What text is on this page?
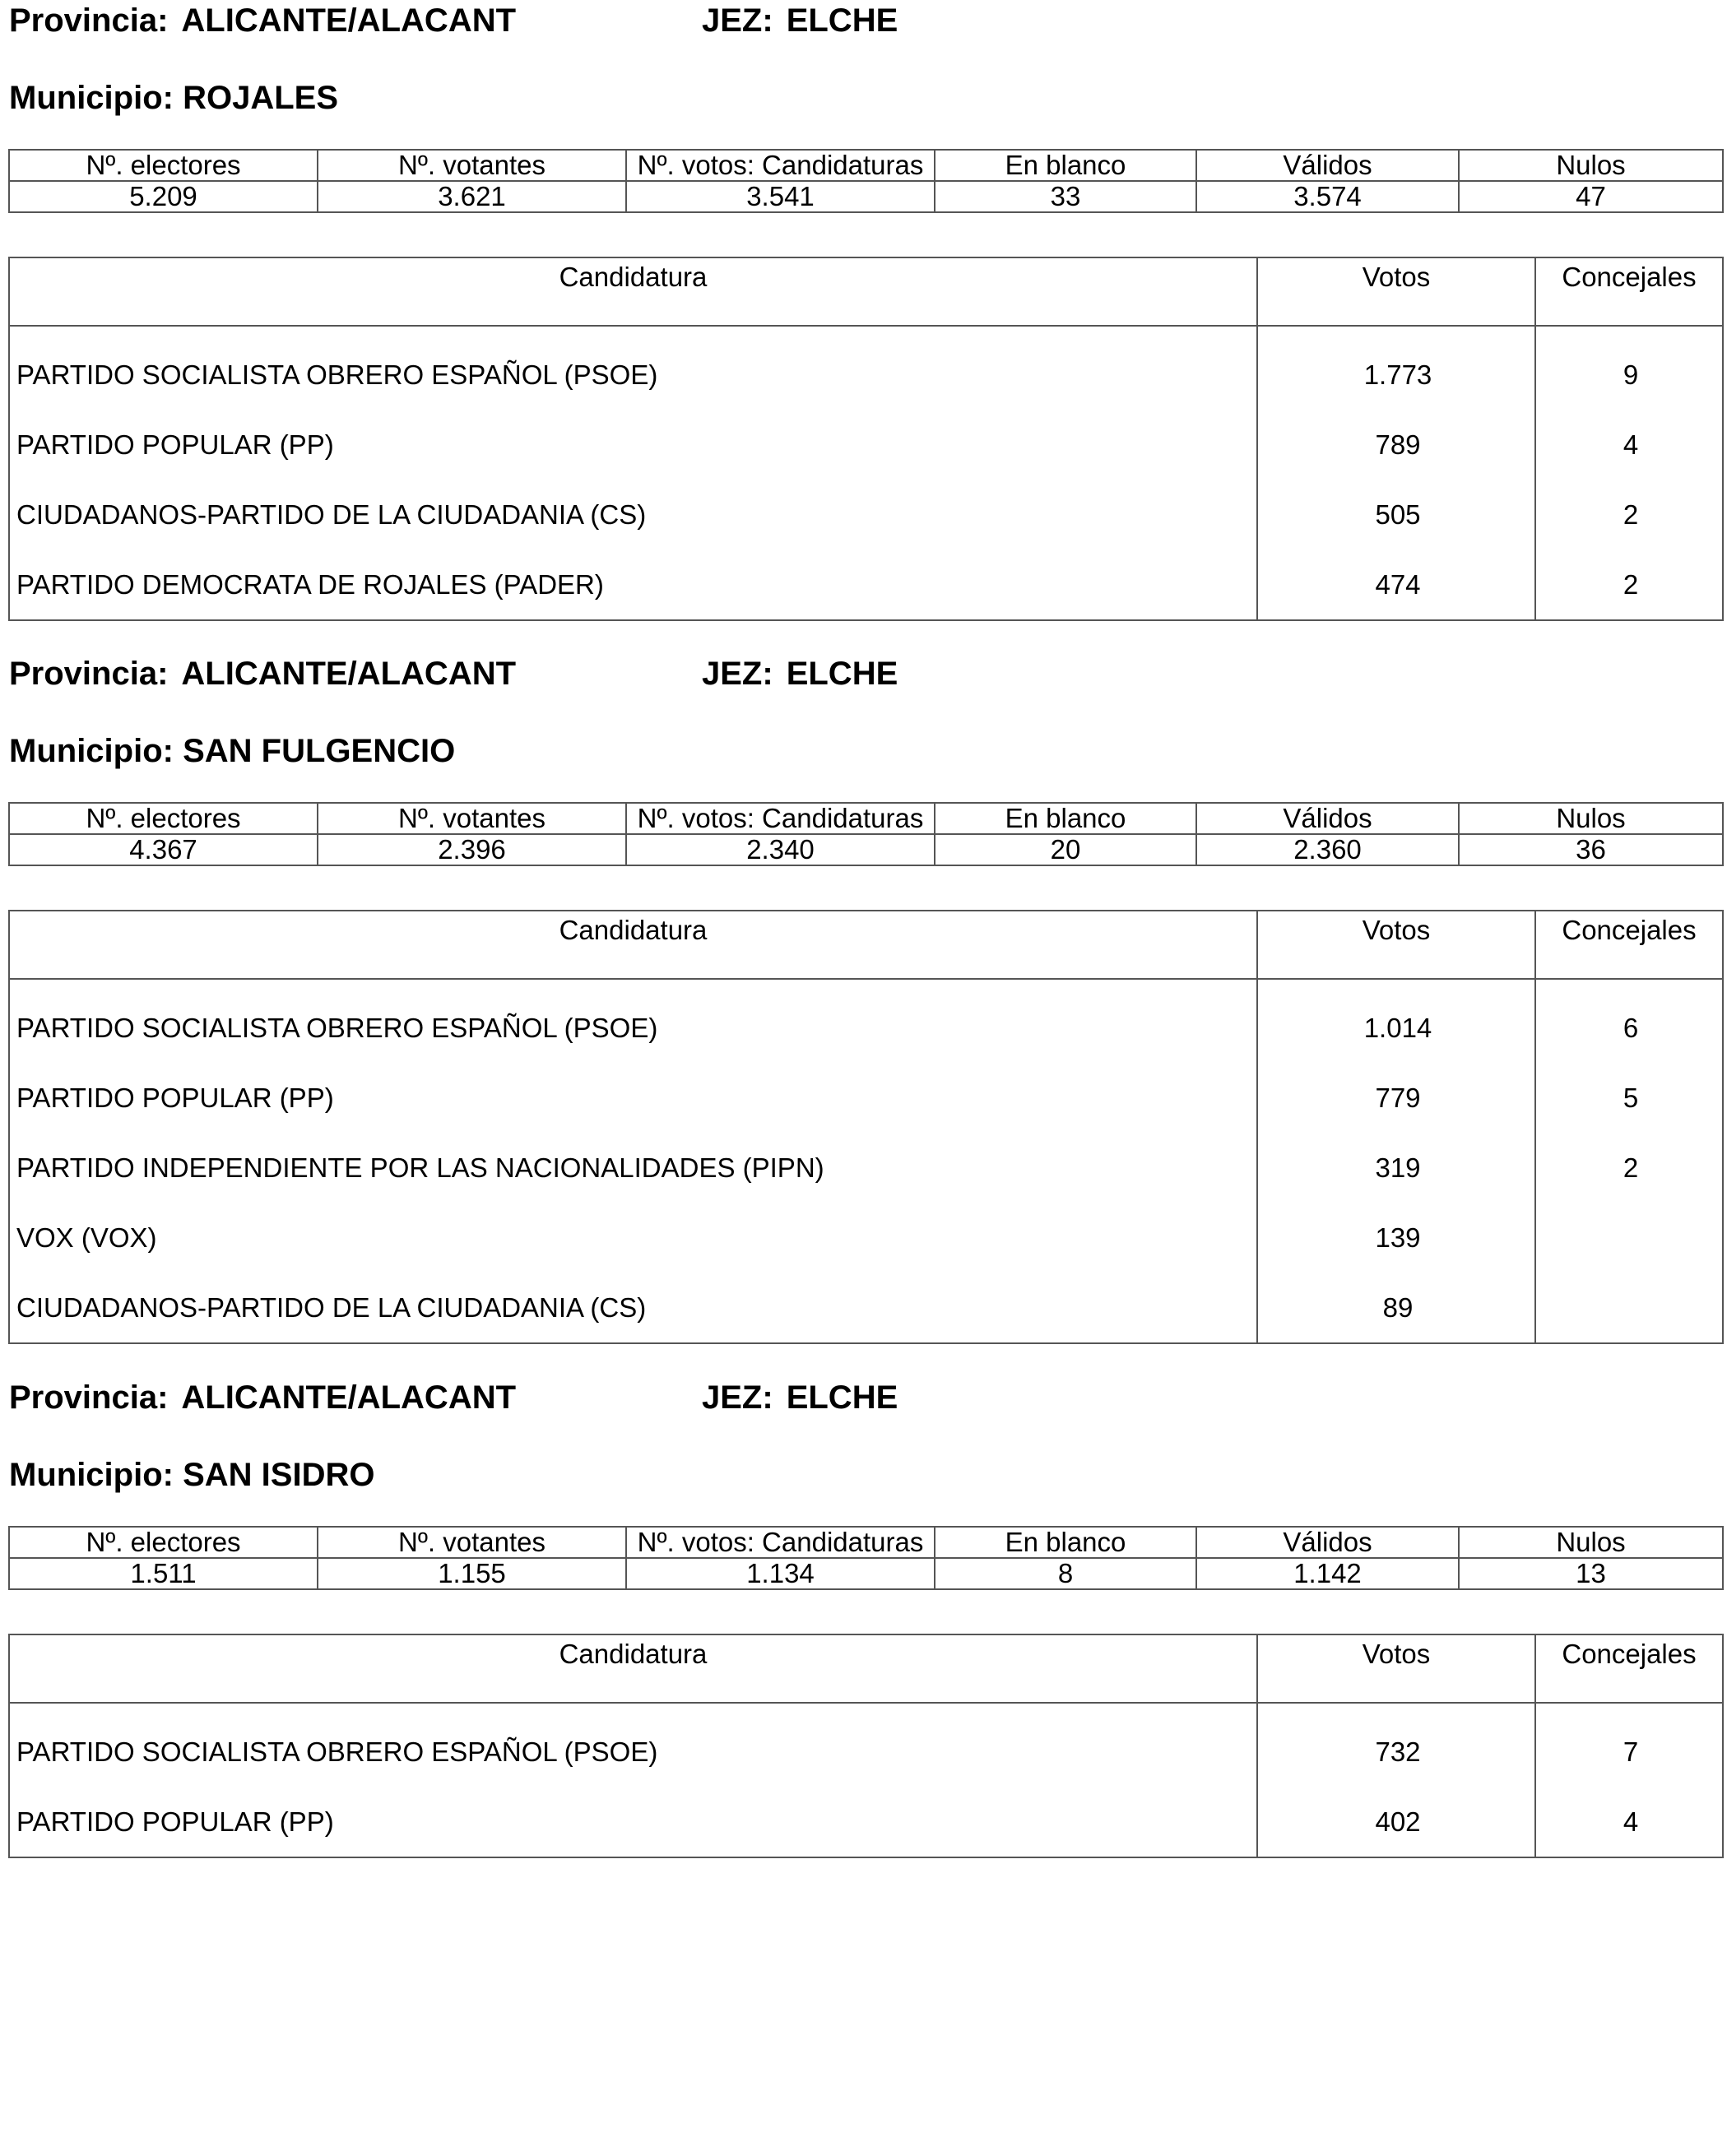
Provincia: ALICANTE/ALACANT	JEZ: ELCHE
Municipio: ROJALES
Nº. electores	Nº. votantes	Nº. votos: Candidaturas	En blanco	Válidos	Nulos
5.209	3.621	3.541	33	3.574	47
Candidatura	Votos	Concejales
PARTIDO SOCIALISTA OBRERO ESPAÑOL (PSOE)	1.773	9
PARTIDO POPULAR (PP)	789	4
CIUDADANOS-PARTIDO DE LA CIUDADANIA (CS)	505	2
PARTIDO DEMOCRATA DE ROJALES (PADER)	474	2
Provincia: ALICANTE/ALACANT	JEZ: ELCHE
Municipio: SAN FULGENCIO
Nº. electores	Nº. votantes	Nº. votos: Candidaturas	En blanco	Válidos	Nulos
4.367	2.396	2.340	20	2.360	36
Candidatura	Votos	Concejales
PARTIDO SOCIALISTA OBRERO ESPAÑOL (PSOE)	1.014	6
PARTIDO POPULAR (PP)	779	5
PARTIDO INDEPENDIENTE POR LAS NACIONALIDADES (PIPN)	319	2
VOX (VOX)	139	
CIUDADANOS-PARTIDO DE LA CIUDADANIA (CS)	89	
Provincia: ALICANTE/ALACANT	JEZ: ELCHE
Municipio: SAN ISIDRO
Nº. electores	Nº. votantes	Nº. votos: Candidaturas	En blanco	Válidos	Nulos
1.511	1.155	1.134	8	1.142	13
Candidatura	Votos	Concejales
PARTIDO SOCIALISTA OBRERO ESPAÑOL (PSOE)	732	7
PARTIDO POPULAR (PP)	402	4
